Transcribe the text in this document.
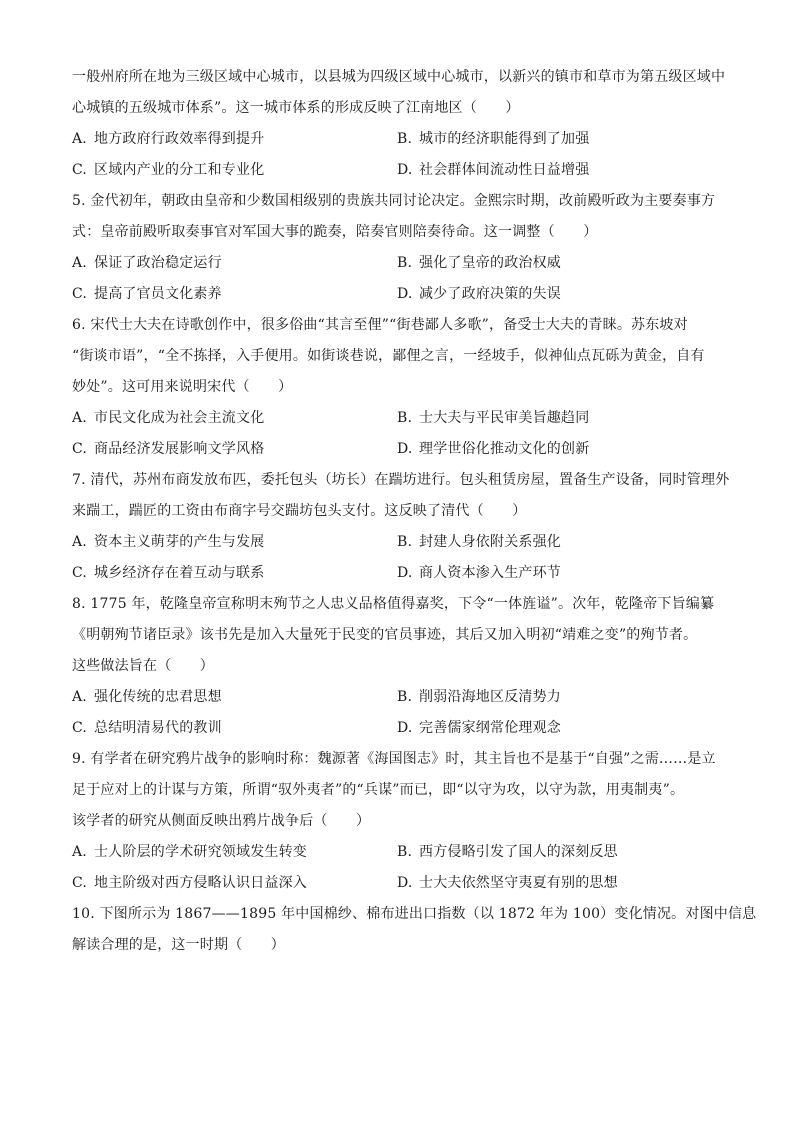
一般州府所在地为三级区域中心城市，以县城为四级区域中心城市，以新兴的镇市和草市为第五级区域中
心城镇的五级城市体系”。这一城市体系的形成反映了江南地区（　　）
A. 地方政府行政效率得到提升	B. 城市的经济职能得到了加强
C. 区域内产业的分工和专业化	D. 社会群体间流动性日益增强
5. 金代初年，朝政由皇帝和少数国相级别的贵族共同讨论决定。金熙宗时期，改前殿听政为主要奏事方
式：皇帝前殿听取奏事官对军国大事的跪奏，陪奏官则陪奏待命。这一调整（　　）
A. 保证了政治稳定运行	B. 强化了皇帝的政治权威
C. 提高了官员文化素养	D. 减少了政府决策的失误
6. 宋代士大夫在诗歌创作中，很多俗曲“其言至俚”“街巷鄙人多歌”，备受士大夫的青睐。苏东坡对
“街谈市语”，“全不拣择，入手便用。如街谈巷说，鄙俚之言，一经坡手，似神仙点瓦砾为黄金，自有
妙处”。这可用来说明宋代（　　）
A. 市民文化成为社会主流文化	B. 士大夫与平民审美旨趣趋同
C. 商品经济发展影响文学风格	D. 理学世俗化推动文化的创新
7. 清代，苏州布商发放布匹，委托包头（坊长）在踹坊进行。包头租赁房屋，置备生产设备，同时管理外
来踹工，踹匠的工资由布商字号交踹坊包头支付。这反映了清代（　　）
A. 资本主义萌芽的产生与发展	B. 封建人身依附关系强化
C. 城乡经济存在着互动与联系	D. 商人资本渗入生产环节
8. 1775 年，乾隆皇帝宣称明末殉节之人忠义品格值得嘉奖，下令“一体旌谥”。次年，乾隆帝下旨编纂
《明朝殉节诸臣录》该书先是加入大量死于民变的官员事迹，其后又加入明初“靖难之变”的殉节者。
这些做法旨在（　　）
A. 强化传统的忠君思想	B. 削弱沿海地区反清势力
C. 总结明清易代的教训	D. 完善儒家纲常伦理观念
9. 有学者在研究鸦片战争的影响时称：魏源著《海国图志》时，其主旨也不是基于“自强”之需……是立
足于应对上的计谋与方策，所谓“驭外夷者”的“兵谋”而已，即“以守为攻，以守为款，用夷制夷”。
该学者的研究从侧面反映出鸦片战争后（　　）
A. 士人阶层的学术研究领域发生转变	B. 西方侵略引发了国人的深刻反思
C. 地主阶级对西方侵略认识日益深入	D. 士大夫依然坚守夷夏有别的思想
10. 下图所示为 1867——1895 年中国棉纱、棉布进出口指数（以 1872 年为 100）变化情况。对图中信息
解读合理的是，这一时期（　　）
